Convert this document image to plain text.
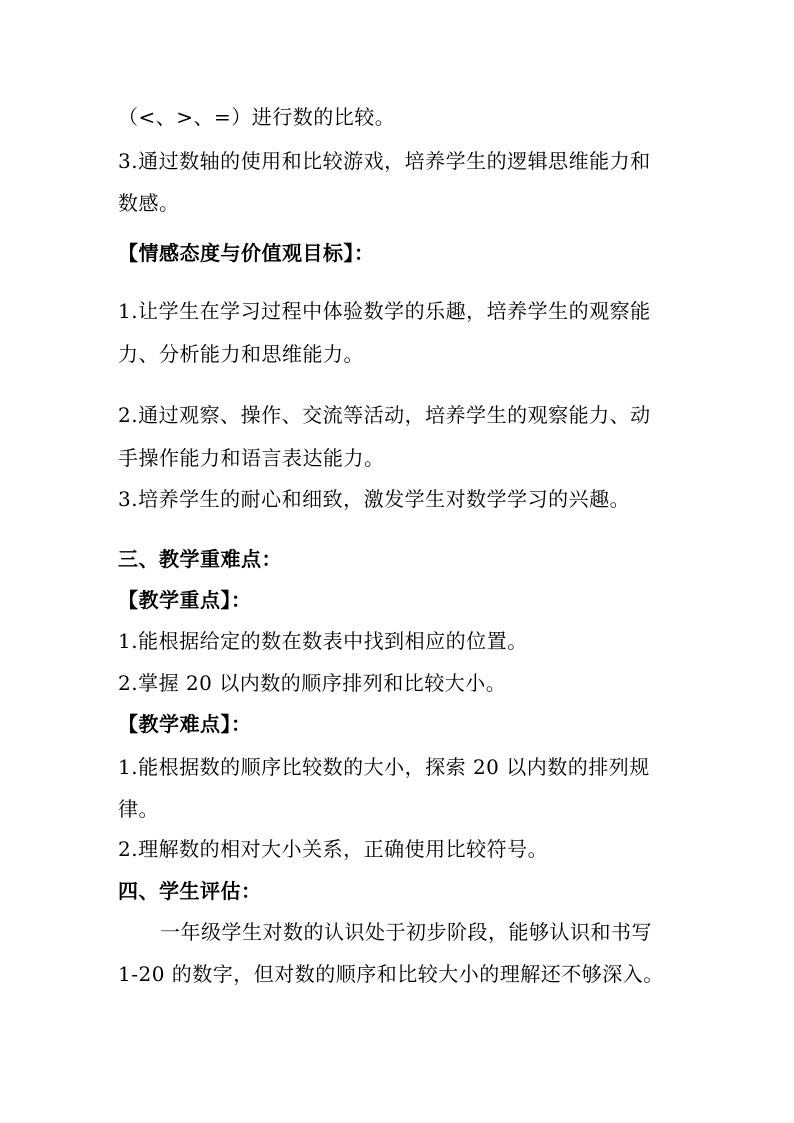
（<、>、=）进行数的比较。
3.通过数轴的使用和比较游戏，培养学生的逻辑思维能力和
数感。
【情感态度与价值观目标】：
1.让学生在学习过程中体验数学的乐趣，培养学生的观察能
力、分析能力和思维能力。
2.通过观察、操作、交流等活动，培养学生的观察能力、动
手操作能力和语言表达能力。
3.培养学生的耐心和细致，激发学生对数学学习的兴趣。
三、教学重难点：
【教学重点】：
1.能根据给定的数在数表中找到相应的位置。
2.掌握 20 以内数的顺序排列和比较大小。
【教学难点】：
1.能根据数的顺序比较数的大小，探索 20 以内数的排列规
律。
2.理解数的相对大小关系，正确使用比较符号。
四、学生评估：
一年级学生对数的认识处于初步阶段，能够认识和书写
1-20 的数字，但对数的顺序和比较大小的理解还不够深入。
